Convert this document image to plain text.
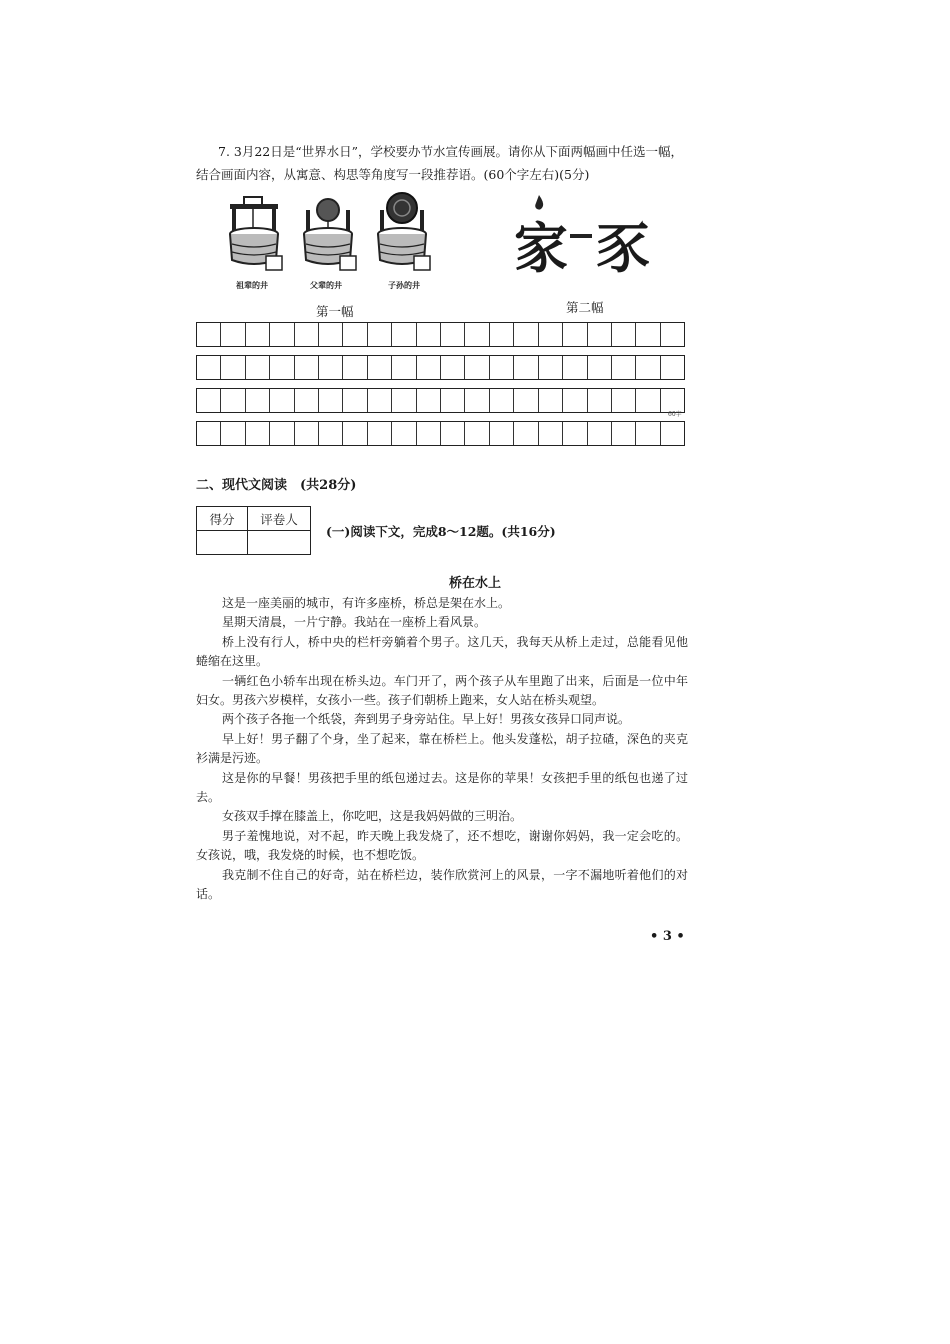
7. 3月22日是“世界水日”，学校要办节水宣传画展。请你从下面两幅画中任选一幅，结合画面内容，从寓意、构思等角度写一段推荐语。(60个字左右)(5分)
祖辈的井	父辈的井	子孙的井
第一幅
家 豕
第二幅
60字
二、现代文阅读　(共28分)
得分	评卷人

(一)阅读下文，完成8～12题。(共16分)
桥在水上

这是一座美丽的城市，有许多座桥，桥总是架在水上。

星期天清晨，一片宁静。我站在一座桥上看风景。

桥上没有行人，桥中央的栏杆旁躺着个男子。这几天，我每天从桥上走过，总能看见他蜷缩在这里。

一辆红色小轿车出现在桥头边。车门开了，两个孩子从车里跑了出来，后面是一位中年妇女。男孩六岁模样，女孩小一些。孩子们朝桥上跑来，女人站在桥头观望。

两个孩子各拖一个纸袋，奔到男子身旁站住。早上好！男孩女孩异口同声说。

早上好！男子翻了个身，坐了起来，靠在桥栏上。他头发蓬松，胡子拉碴，深色的夹克衫满是污迹。

这是你的早餐！男孩把手里的纸包递过去。这是你的苹果！女孩把手里的纸包也递了过去。

女孩双手撑在膝盖上，你吃吧，这是我妈妈做的三明治。

男子羞愧地说，对不起，昨天晚上我发烧了，还不想吃，谢谢你妈妈，我一定会吃的。女孩说，哦，我发烧的时候，也不想吃饭。

我克制不住自己的好奇，站在桥栏边，装作欣赏河上的风景，一字不漏地听着他们的对话。

• 3 •
